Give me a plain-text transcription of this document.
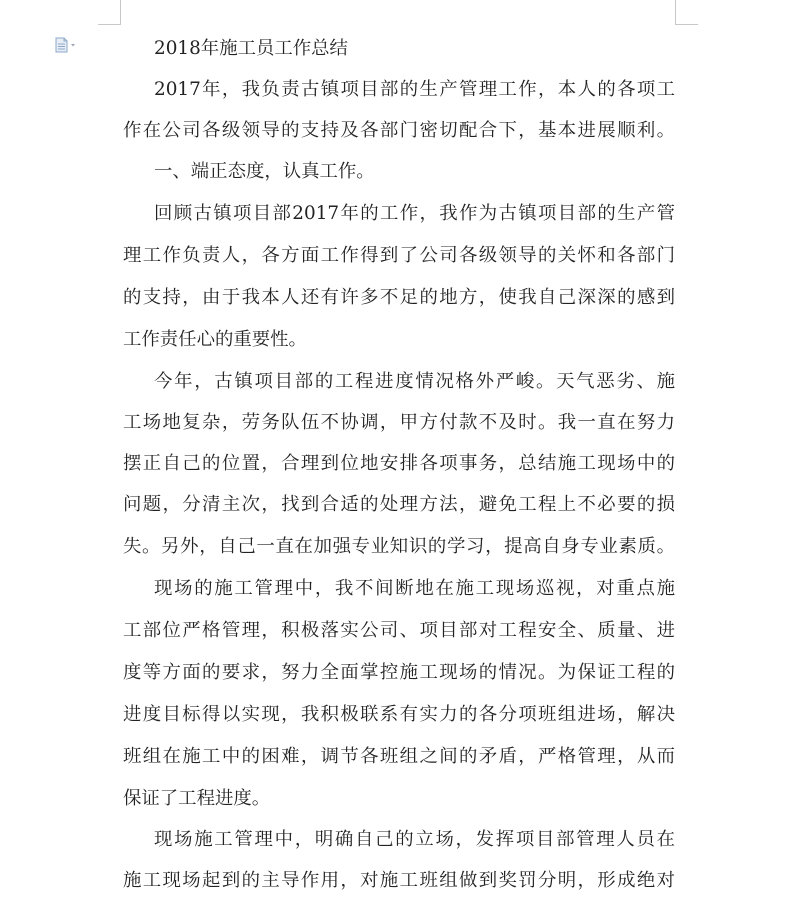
2018年施工员工作总结
2017年，我负责古镇项目部的生产管理工作，本人的各项工
作在公司各级领导的支持及各部门密切配合下，基本进展顺利。
一、端正态度，认真工作。
回顾古镇项目部2017年的工作，我作为古镇项目部的生产管
理工作负责人，各方面工作得到了公司各级领导的关怀和各部门
的支持，由于我本人还有许多不足的地方，使我自己深深的感到
工作责任心的重要性。
今年，古镇项目部的工程进度情况格外严峻。天气恶劣、施
工场地复杂，劳务队伍不协调，甲方付款不及时。我一直在努力
摆正自己的位置，合理到位地安排各项事务，总结施工现场中的
问题，分清主次，找到合适的处理方法，避免工程上不必要的损
失。另外，自己一直在加强专业知识的学习，提高自身专业素质。
现场的施工管理中，我不间断地在施工现场巡视，对重点施
工部位严格管理，积极落实公司、项目部对工程安全、质量、进
度等方面的要求，努力全面掌控施工现场的情况。为保证工程的
进度目标得以实现，我积极联系有实力的各分项班组进场，解决
班组在施工中的困难，调节各班组之间的矛盾，严格管理，从而
保证了工程进度。
现场施工管理中，明确自己的立场，发挥项目部管理人员在
施工现场起到的主导作用，对施工班组做到奖罚分明，形成绝对
